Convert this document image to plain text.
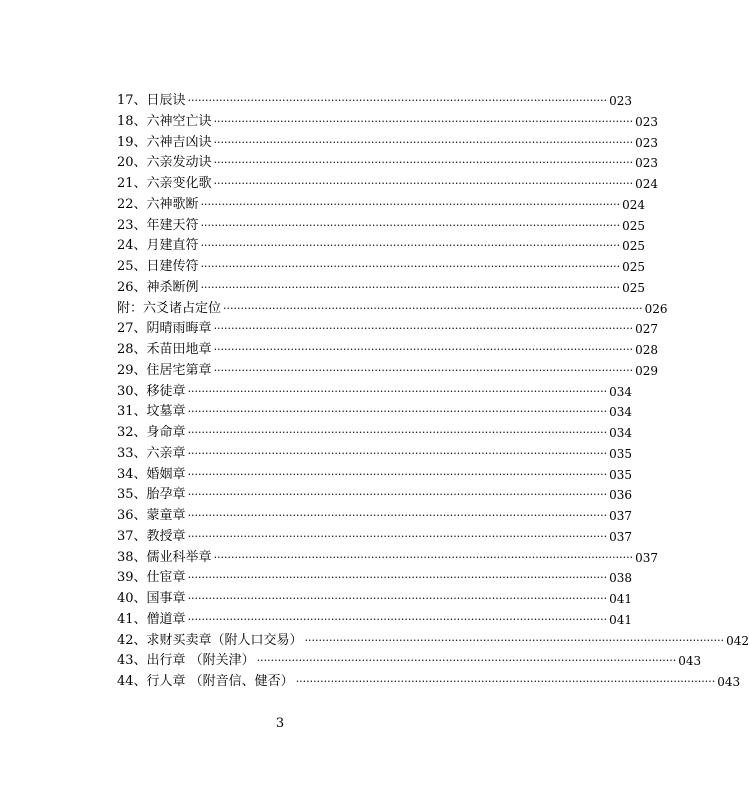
17、 日辰诀 ························································································································ 023
18、 六神空亡诀 ························································································································ 023
19、 六神吉凶诀 ························································································································ 023
20、 六亲发动诀 ························································································································ 023
21、 六亲变化歌 ························································································································ 024
22、 六神歌断 ························································································································ 024
23、 年建天符 ························································································································ 025
24、 月建直符 ························································································································ 025
25、 日建传符 ························································································································ 025
26、 神杀断例 ························································································································ 025
附：六爻诸占定位 ························································································································ 026
27、 阴晴雨晦章 ························································································································ 027
28、 禾苗田地章 ························································································································ 028
29、 住居宅第章 ························································································································ 029
30、 移徒章 ························································································································ 034
31、 坟墓章 ························································································································ 034
32、 身命章 ························································································································ 034
33、 六亲章 ························································································································ 035
34、 婚姻章 ························································································································ 035
35、 胎孕章 ························································································································ 036
36、 蒙童章 ························································································································ 037
37、 教授章 ························································································································ 037
38、 儒业科举章 ························································································································ 037
39、 仕宦章 ························································································································ 038
40、 国事章 ························································································································ 041
41、 僧道章 ························································································································ 041
42、 求财买卖章（附人口交易） ························································································································ 042
43、 出行章 （附关津） ························································································································ 043
44、 行人章 （附音信、健否） ························································································································ 043
3
